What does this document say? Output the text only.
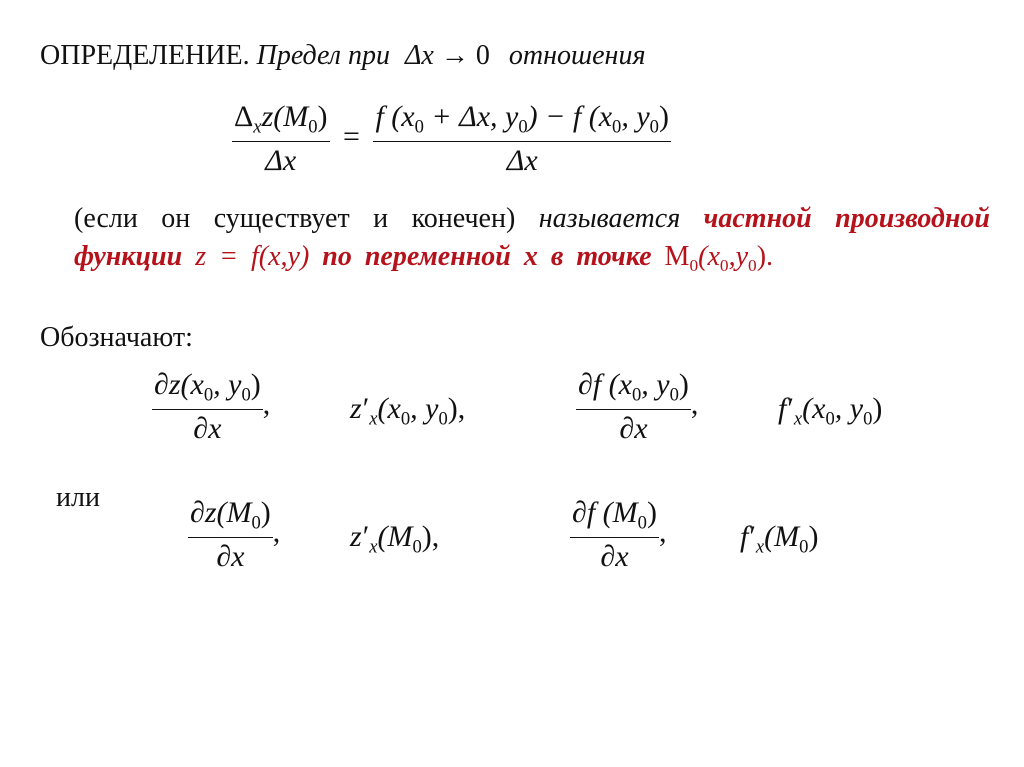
ОПРЕДЕЛЕНИЕ. Предел при Δx → 0 отношения
$\frac{\Delta_xz(M_0)}{\Delta x} = \frac{f (x_0 + \Delta x, y_0) - f (x_0, y_0)}{\Delta x}$
(если он существует и конечен) называется частной производной функции z = f(x,y) по переменной x в точке $M_0(x_0,y_0)$.
Обозначают:
$\frac{\partial z(x_0, y_0)}{\partial x}$ ,	$z'_x(x_0$, $y_0$),	$\frac{\partial f (x_0, y_0)}{\partial x}$ ,	$f'_x(x_0$, $y_0$)
или	$\frac{\partial z(M_0)}{\partial x}$ , $z'_x(M_0)$,	$\frac{\partial f (M_0)}{\partial x}$ , $f'_x(M_0)$
